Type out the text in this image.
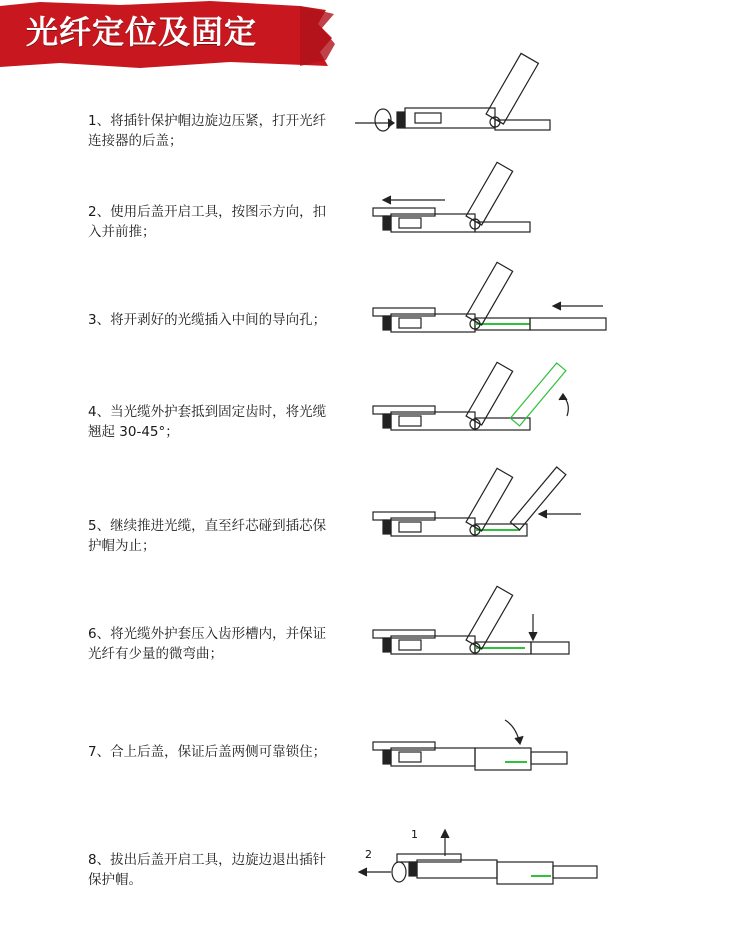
光纤定位及固定

1、将插针保护帽边旋边压紧，打开光纤连接器的后盖；

2、使用后盖开启工具，按图示方向，扣入并前推；

3、将开剥好的光缆插入中间的导向孔；

4、当光缆外护套抵到固定齿时，将光缆翘起 30-45°；

5、继续推进光缆，直至纤芯碰到插芯保护帽为止；

6、将光缆外护套压入齿形槽内，并保证光纤有少量的微弯曲；

7、合上后盖，保证后盖两侧可靠锁住；

8、拔出后盖开启工具，边旋边退出插针保护帽。

1
2
